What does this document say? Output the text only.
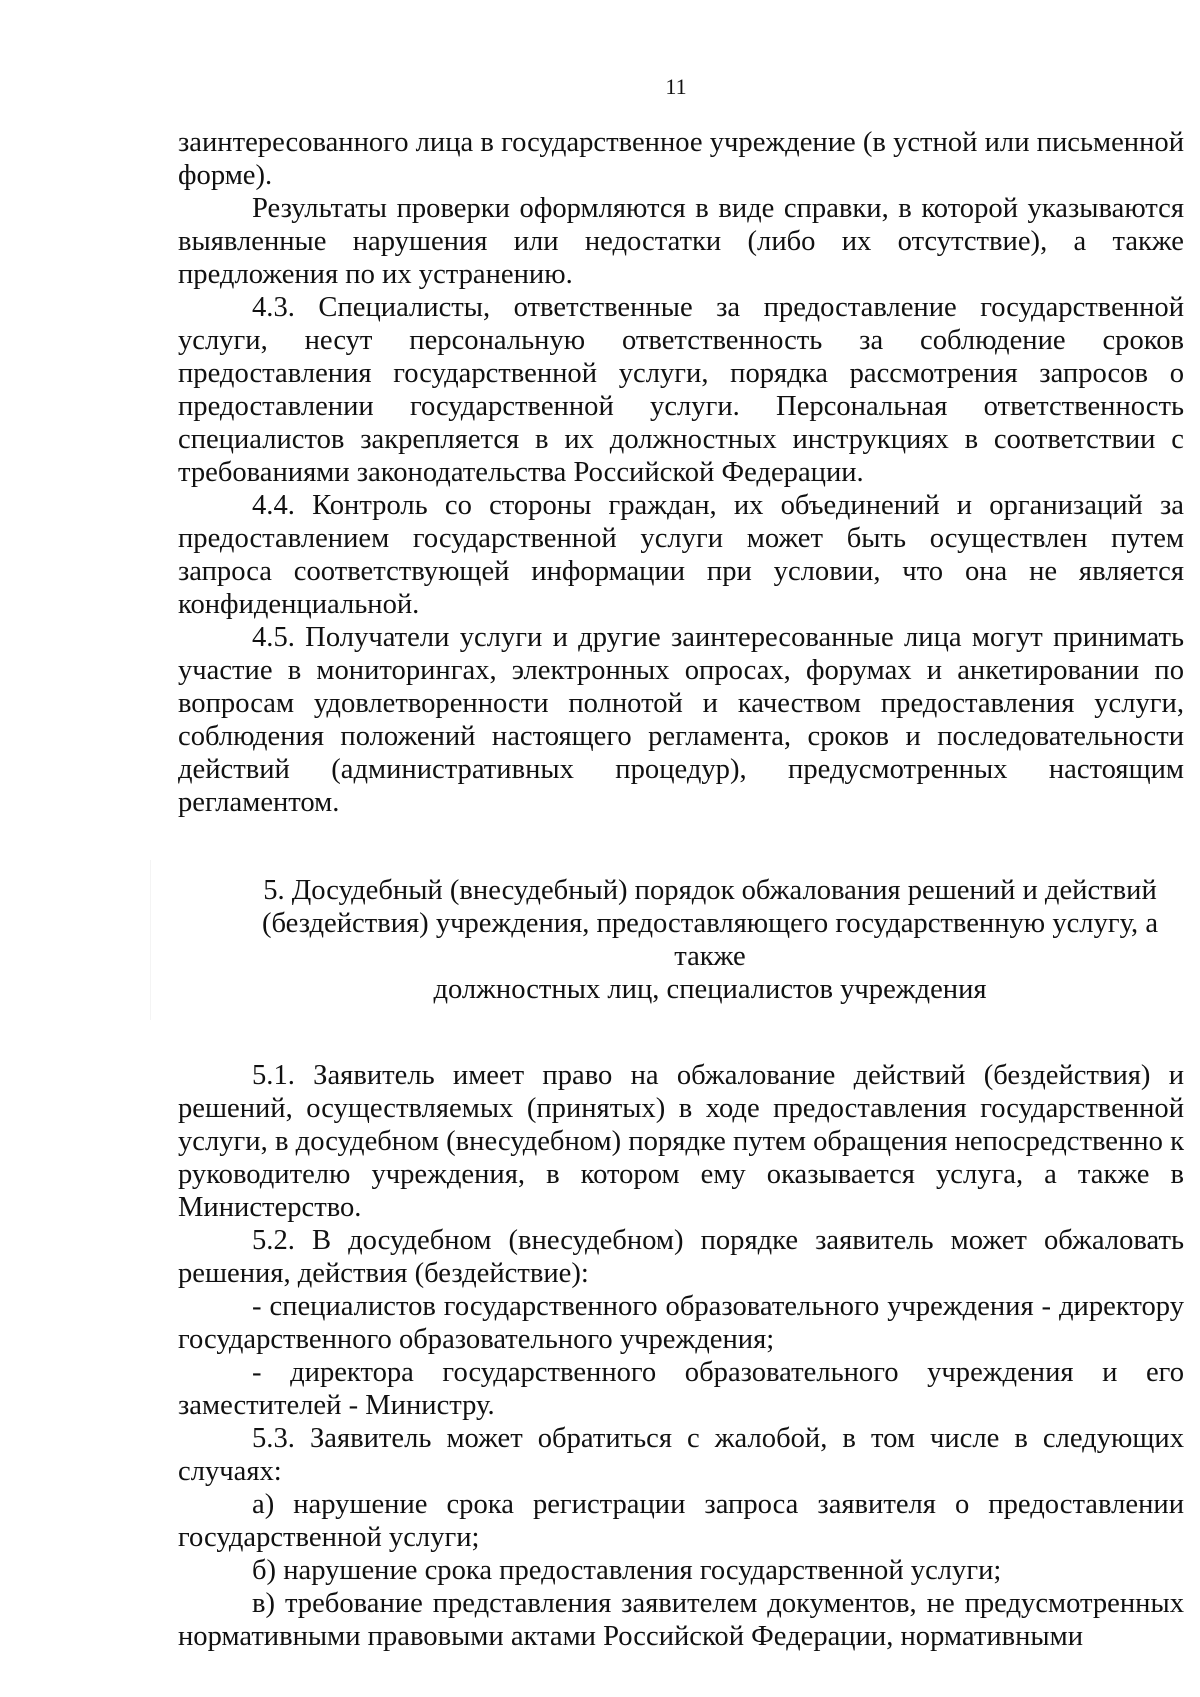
11

заинтересованного лица в государственное учреждение (в устной или письменной форме).

Результаты проверки оформляются в виде справки, в которой указываются выявленные нарушения или недостатки (либо их отсутствие), а также предложения по их устранению.

4.3. Специалисты, ответственные за предоставление государственной услуги, несут персональную ответственность за соблюдение сроков предоставления государственной услуги, порядка рассмотрения запросов о предоставлении государственной услуги. Персональная ответственность специалистов закрепляется в их должностных инструкциях в соответствии с требованиями законодательства Российской Федерации.

4.4. Контроль со стороны граждан, их объединений и организаций за предоставлением государственной услуги может быть осуществлен путем запроса соответствующей информации при условии, что она не является конфиденциальной.

4.5. Получатели услуги и другие заинтересованные лица могут принимать участие в мониторингах, электронных опросах, форумах и анкетировании по вопросам удовлетворенности полнотой и качеством предоставления услуги, соблюдения положений настоящего регламента, сроков и последовательности действий (административных процедур), предусмотренных настоящим регламентом.

5. Досудебный (внесудебный) порядок обжалования решений и действий
(бездействия) учреждения, предоставляющего государственную услугу, а также
должностных лиц, специалистов учреждения

5.1. Заявитель имеет право на обжалование действий (бездействия) и решений, осуществляемых (принятых) в ходе предоставления государственной услуги, в досудебном (внесудебном) порядке путем обращения непосредственно к руководителю учреждения, в котором ему оказывается услуга, а также в Министерство.

5.2. В досудебном (внесудебном) порядке заявитель может обжаловать решения, действия (бездействие):

- специалистов государственного образовательного учреждения - директору государственного образовательного учреждения;

- директора государственного образовательного учреждения и его заместителей - Министру.

5.3. Заявитель может обратиться с жалобой, в том числе в следующих случаях:

а) нарушение срока регистрации запроса заявителя о предоставлении государственной услуги;

б) нарушение срока предоставления государственной услуги;

в) требование представления заявителем документов, не предусмотренных нормативными правовыми актами Российской Федерации, нормативными
